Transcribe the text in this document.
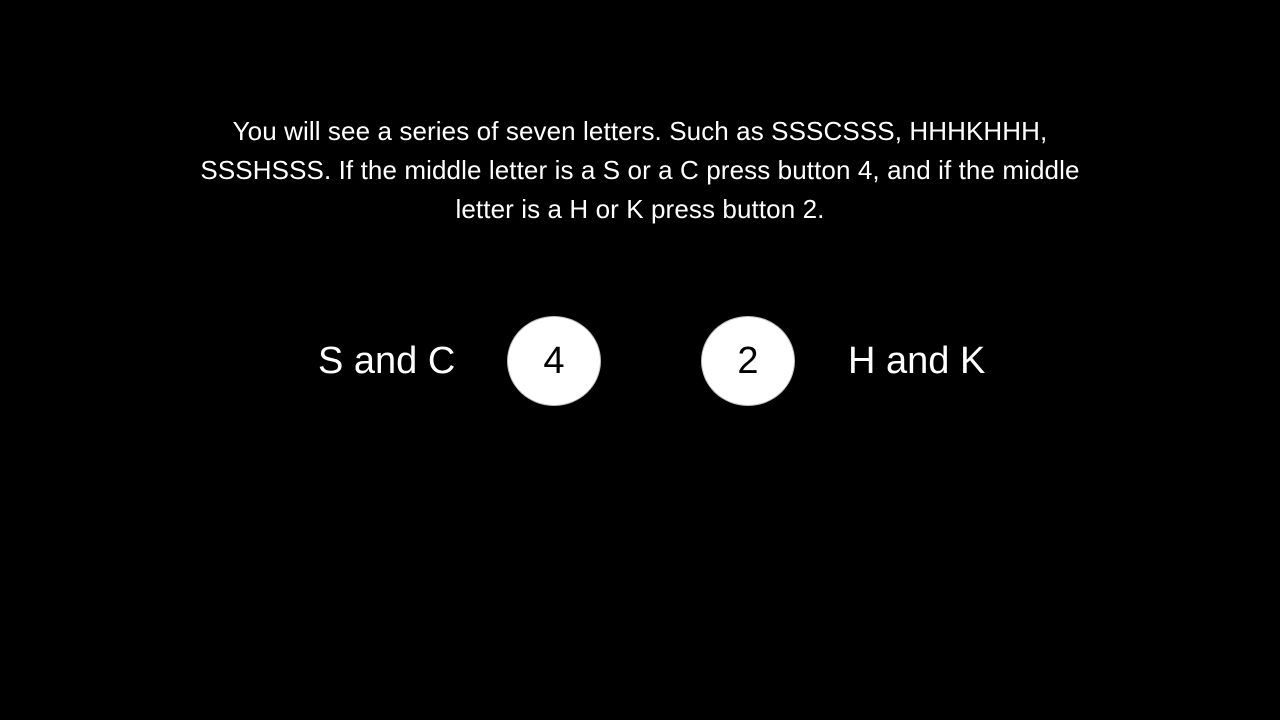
You will see a series of seven letters. Such as SSSCSSS, HHHKHHH,
SSSHSSS. If the middle letter is a S or a C press button 4, and if the middle
letter is a H or K press button 2.
S and C	4	2	H and K
